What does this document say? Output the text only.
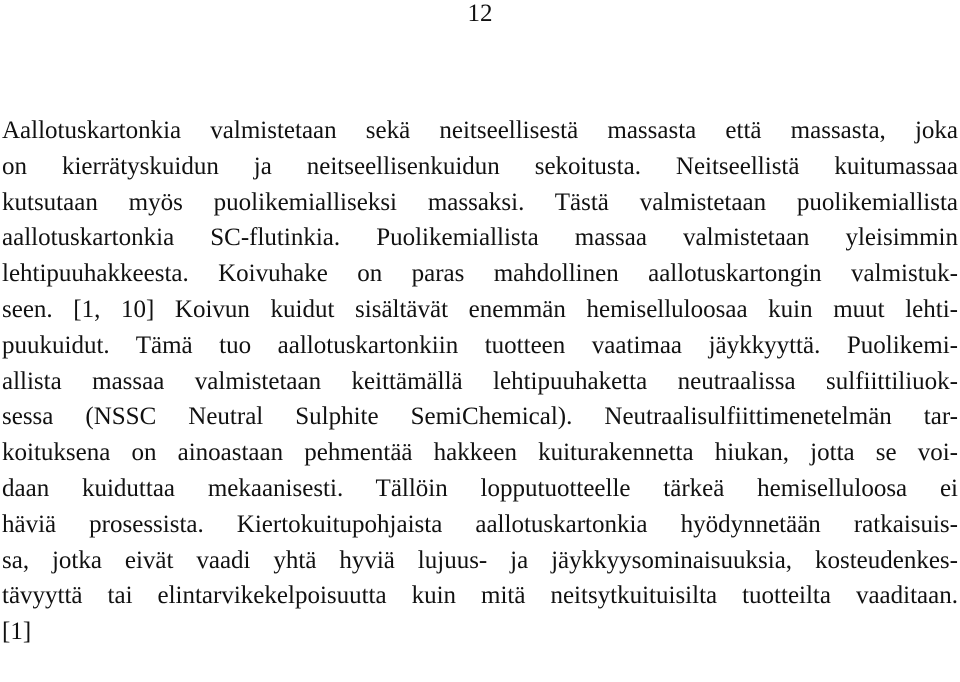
12
Aallotuskartonkia valmistetaan sekä neitseellisestä massasta että massasta, joka
on kierrätyskuidun ja neitseellisenkuidun sekoitusta. Neitseellistä kuitumassaa
kutsutaan myös puolikemialliseksi massaksi. Tästä valmistetaan puolikemiallista
aallotuskartonkia SC-flutinkia. Puolikemiallista massaa valmistetaan yleisimmin
lehtipuuhakkeesta. Koivuhake on paras mahdollinen aallotuskartongin valmistuk-
seen. [1, 10] Koivun kuidut sisältävät enemmän hemiselluloosaa kuin muut lehti-
puukuidut. Tämä tuo aallotuskartonkiin tuotteen vaatimaa jäykkyyttä. Puolikemi-
allista massaa valmistetaan keittämällä lehtipuuhaketta neutraalissa sulfiittiliuok-
sessa (NSSC Neutral Sulphite SemiChemical). Neutraalisulfiittimenetelmän tar-
koituksena on ainoastaan pehmentää hakkeen kuiturakennetta hiukan, jotta se voi-
daan kuiduttaa mekaanisesti. Tällöin lopputuotteelle tärkeä hemiselluloosa ei
häviä prosessista. Kiertokuitupohjaista aallotuskartonkia hyödynnetään ratkaisuis-
sa, jotka eivät vaadi yhtä hyviä lujuus- ja jäykkyysominaisuuksia, kosteudenkes-
tävyyttä tai elintarvikekelpoisuutta kuin mitä neitsytkuituisilta tuotteilta vaaditaan.
[1]
